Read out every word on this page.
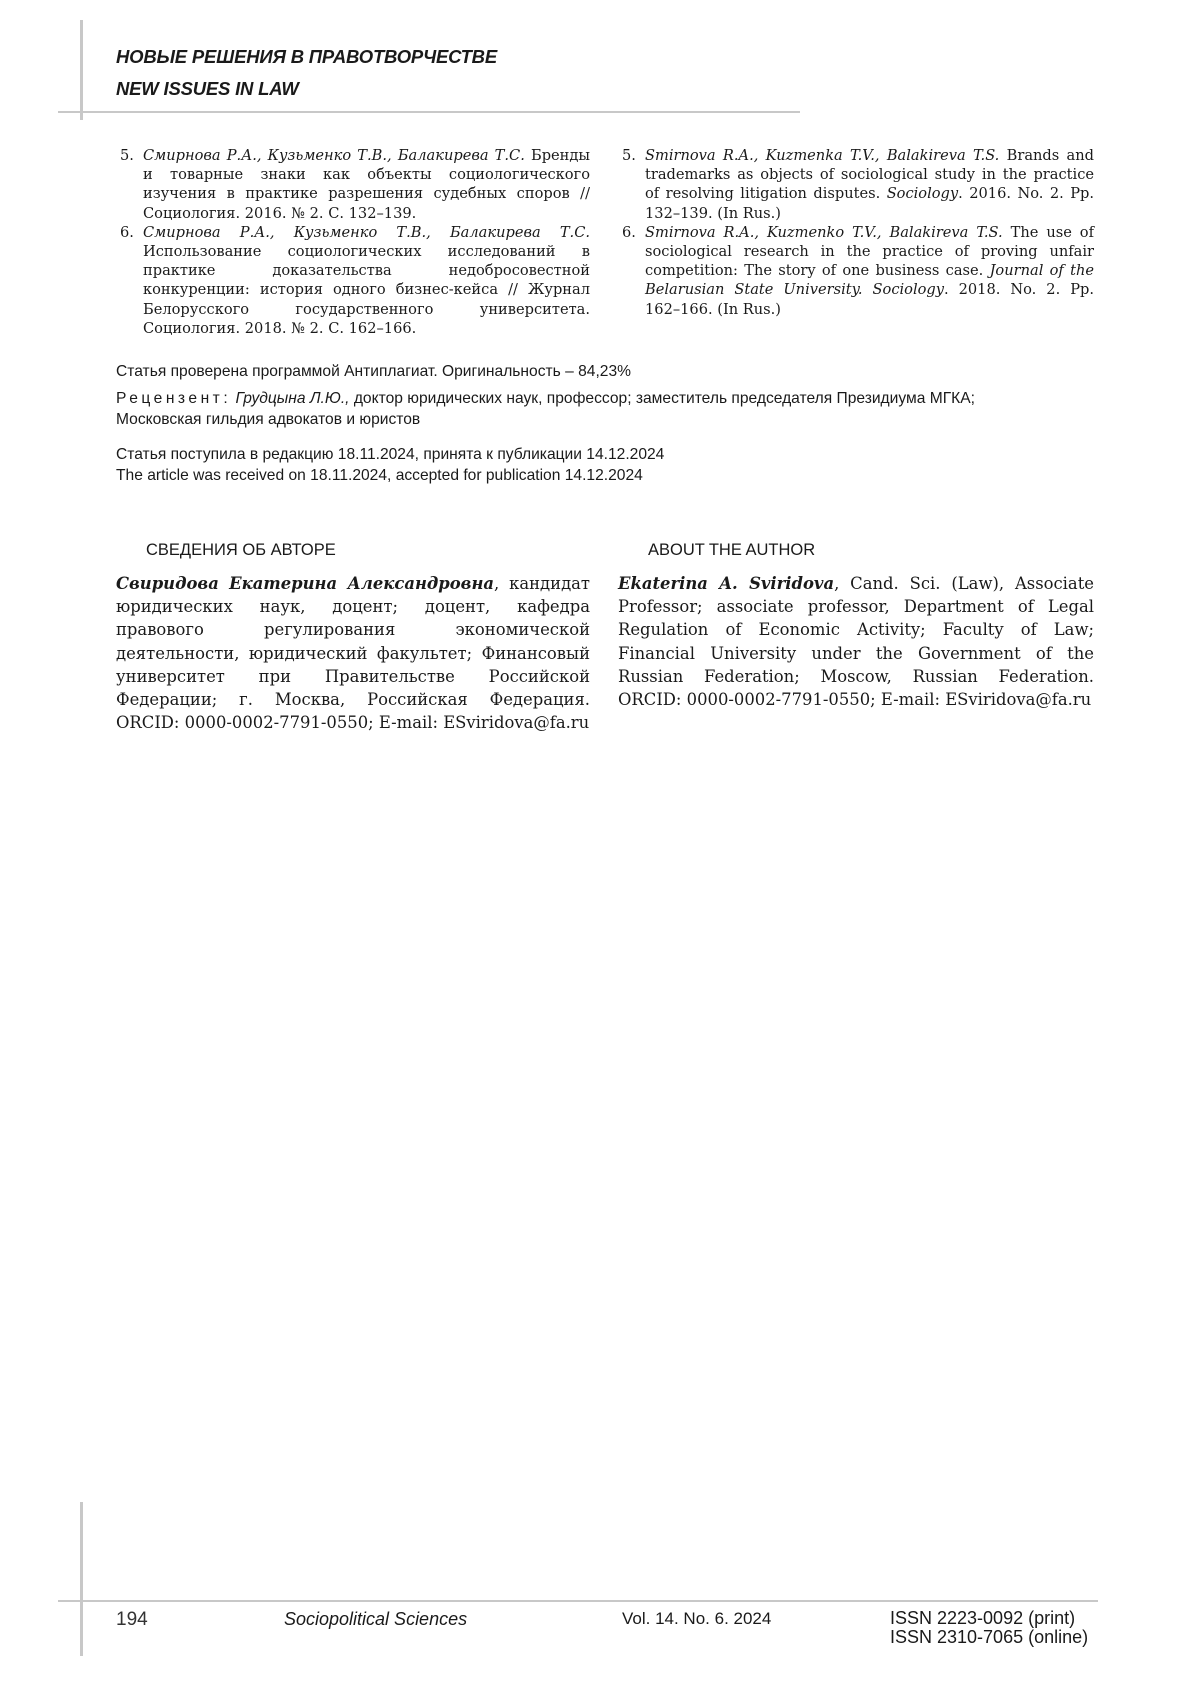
НОВЫЕ РЕШЕНИЯ В ПРАВОТВОРЧЕСТВЕ
NEW ISSUES IN LAW
5. Смирнова Р.А., Кузьменко Т.В., Балакирева Т.С. Бренды и товарные знаки как объекты социологического изучения в практике разрешения судебных споров // Социология. 2016. № 2. С. 132–139.
6. Смирнова Р.А., Кузьменко Т.В., Балакирева Т.С. Использование социологических исследований в практике доказательства недобросовестной конкуренции: история одного бизнес-кейса // Журнал Белорусского государственного университета. Социология. 2018. № 2. С. 162–166.
5. Smirnova R.A., Kuzmenka T.V., Balakireva T.S. Brands and trademarks as objects of sociological study in the practice of resolving litigation disputes. Sociology. 2016. No. 2. Pp. 132–139. (In Rus.)
6. Smirnova R.A., Kuzmenko T.V., Balakireva T.S. The use of sociological research in the practice of proving unfair competition: The story of one business case. Journal of the Belarusian State University. Sociology. 2018. No. 2. Pp. 162–166. (In Rus.)
Статья проверена программой Антиплагиат. Оригинальность – 84,23%
Рецензент: Грудцына Л.Ю., доктор юридических наук, профессор; заместитель председателя Президиума МГКА;
Московская гильдия адвокатов и юристов
Статья поступила в редакцию 18.11.2024, принята к публикации 14.12.2024
The article was received on 18.11.2024, accepted for publication 14.12.2024
СВЕДЕНИЯ ОБ АВТОРЕ	ABOUT THE AUTHOR
Свиридова Екатерина Александровна, кандидат юридических наук, доцент; доцент, кафедра правового регулирования экономической деятельности, юридический факультет; Финансовый университет при Правительстве Российской Федерации; г. Москва, Российская Федерация. ORCID: 0000-0002-7791-0550; E-mail: ESviridova@fa.ru
Ekaterina A. Sviridova, Cand. Sci. (Law), Associate Professor; associate professor, Department of Legal Regulation of Economic Activity; Faculty of Law; Financial University under the Government of the Russian Federation; Moscow, Russian Federation. ORCID: 0000-0002-7791-0550; E-mail: ESviridova@fa.ru
194	Sociopolitical Sciences	Vol. 14. No. 6. 2024	ISSN 2223-0092 (print)
ISSN 2310-7065 (online)
